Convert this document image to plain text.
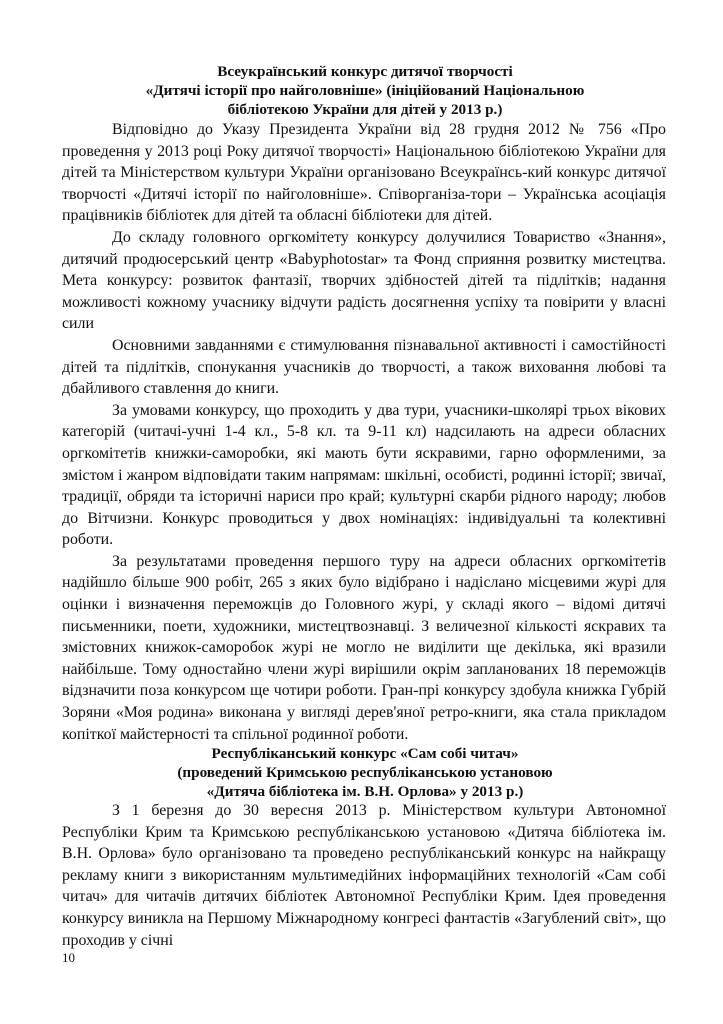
Всеукраїнський конкурс дитячої творчості

«Дитячі історії про найголовніше» (ініційований Національною

бібліотекою України для дітей у 2013 р.)

Відповідно до Указу Президента України від 28 грудня 2012 № 756 «Про проведення у 2013 році Року дитячої творчості» Національною бібліотекою України для дітей та Міністерством культури України організовано Всеукраїнсь-кий конкурс дитячої творчості «Дитячі історії по найголовніше». Співорганіза-тори – Українська асоціація працівників бібліотек для дітей та обласні бібліотеки для дітей.

До складу головного оргкомітету конкурсу долучилися Товариство «Знання», дитячий продюсерський центр «Babyphotostar» та Фонд сприяння розвитку мистецтва. Мета конкурсу: розвиток фантазії, творчих здібностей дітей та підлітків; надання можливості кожному учаснику відчути радість досягнення успіху та повірити у власні сили

Основними завданнями є стимулювання пізнавальної активності і самостійності дітей та підлітків, спонукання учасників до творчості, а також виховання любові та дбайливого ставлення до книги.

За умовами конкурсу, що проходить у два тури, учасники-школярі трьох вікових категорій (читачі-учні 1-4 кл., 5-8 кл. та 9-11 кл) надсилають на адреси обласних оргкомітетів книжки-саморобки, які мають бути яскравими, гарно оформленими, за змістом і жанром відповідати таким напрямам: шкільні, особисті, родинні історії; звичаї, традиції, обряди та історичні нариси про край; культурні скарби рідного народу; любов до Вітчизни. Конкурс проводиться у двох номінаціях: індивідуальні та колективні роботи.

За результатами проведення першого туру на адреси обласних оргкомітетів надійшло більше 900 робіт, 265 з яких було відібрано і надіслано місцевими журі для оцінки і визначення переможців до Головного журі, у складі якого – відомі дитячі письменники, поети, художники, мистецтвознавці. З величезної кількості яскравих та змістовних книжок-саморобок журі не могло не виділити ще декілька, які вразили найбільше. Тому одностайно члени журі вирішили окрім запланованих 18 переможців відзначити поза конкурсом ще чотири роботи. Гран-прі конкурсу здобула книжка Губрій Зоряни «Моя родина» виконана у вигляді дерев'яної ретро-книги, яка стала прикладом копіткої майстерності та спільної родинної роботи.

Республіканський конкурс «Сам собі читач»

(проведений Кримською республіканською установою

«Дитяча бібліотека ім. В.Н. Орлова» у 2013 р.)

З 1 березня до 30 вересня 2013 р. Міністерством культури Автономної Республіки Крим та Кримською республіканською установою «Дитяча бібліотека ім. В.Н. Орлова» було організовано та проведено республіканський конкурс на найкращу рекламу книги з використанням мультимедійних інформаційних технологій «Сам собі читач» для читачів дитячих бібліотек Автономної Республіки Крим. Ідея проведення конкурсу виникла на Першому Міжнародному конгресі фантастів «Загублений світ», що проходив у січні

10
